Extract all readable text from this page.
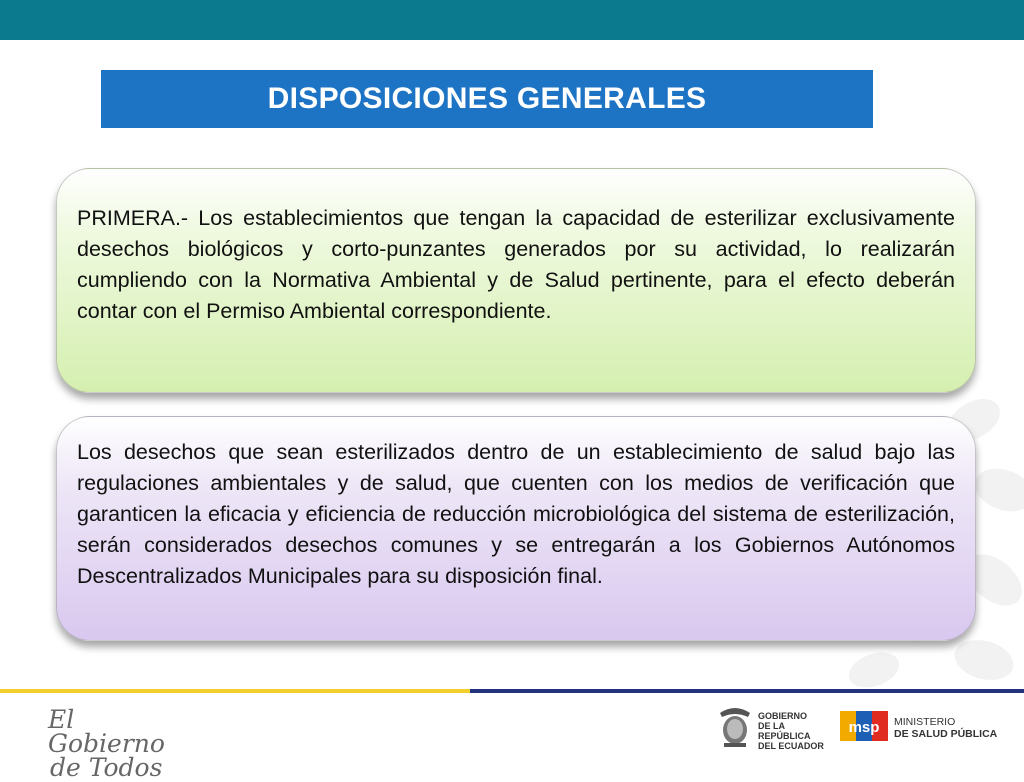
DISPOSICIONES GENERALES
PRIMERA.- Los establecimientos que tengan la capacidad de esterilizar exclusivamente desechos biológicos y corto-punzantes generados por su actividad, lo realizarán cumpliendo con la Normativa Ambiental y de Salud pertinente, para el efecto deberán contar con el Permiso Ambiental correspondiente.
Los desechos que sean esterilizados dentro de un establecimiento de salud bajo las regulaciones ambientales y de salud, que cuenten con los medios de verificación que garanticen la eficacia y eficiencia de reducción microbiológica del sistema de esterilización, serán considerados desechos comunes y se entregarán a los Gobiernos Autónomos Descentralizados Municipales para su disposición final.
El Gobierno
de Todos
GOBIERNO
DE LA REPÚBLICA
DEL ECUADOR
msp MINISTERIO
DE SALUD PÚBLICA
